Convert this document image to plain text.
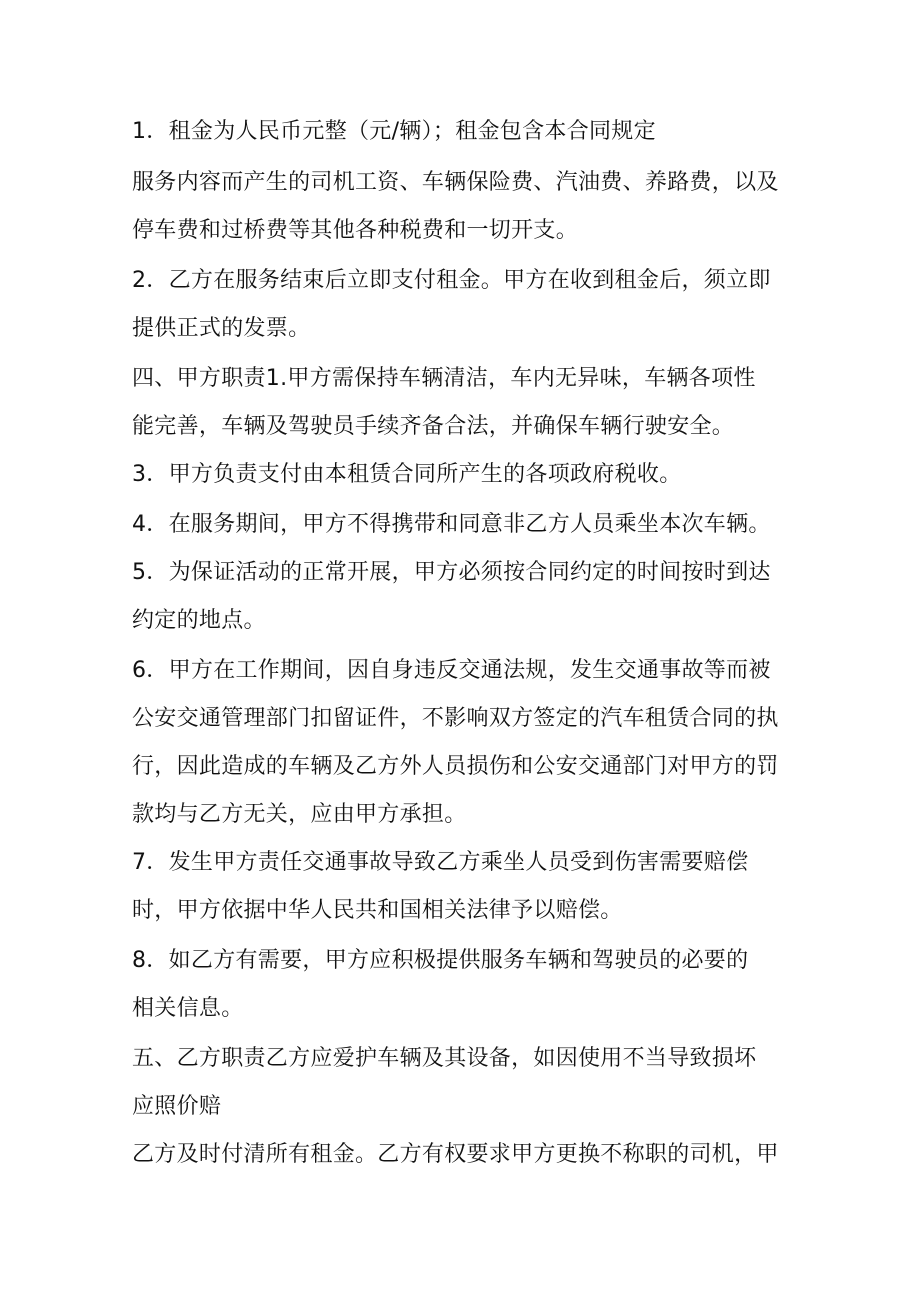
1．租金为人民币元整（元/辆）；租金包含本合同规定
服务内容而产生的司机工资、车辆保险费、汽油费、养路费，以及
停车费和过桥费等其他各种税费和一切开支。
2．乙方在服务结束后立即支付租金。甲方在收到租金后，须立即
提供正式的发票。
四、甲方职责1.甲方需保持车辆清洁，车内无异味，车辆各项性
能完善，车辆及驾驶员手续齐备合法，并确保车辆行驶安全。
3．甲方负责支付由本租赁合同所产生的各项政府税收。
4．在服务期间，甲方不得携带和同意非乙方人员乘坐本次车辆。
5．为保证活动的正常开展，甲方必须按合同约定的时间按时到达
约定的地点。
6．甲方在工作期间，因自身违反交通法规，发生交通事故等而被
公安交通管理部门扣留证件，不影响双方签定的汽车租赁合同的执
行，因此造成的车辆及乙方外人员损伤和公安交通部门对甲方的罚
款均与乙方无关，应由甲方承担。
7．发生甲方责任交通事故导致乙方乘坐人员受到伤害需要赔偿
时，甲方依据中华人民共和国相关法律予以赔偿。
8．如乙方有需要，甲方应积极提供服务车辆和驾驶员的必要的
相关信息。
五、乙方职责乙方应爱护车辆及其设备，如因使用不当导致损坏
应照价赔
乙方及时付清所有租金。乙方有权要求甲方更换不称职的司机，甲
